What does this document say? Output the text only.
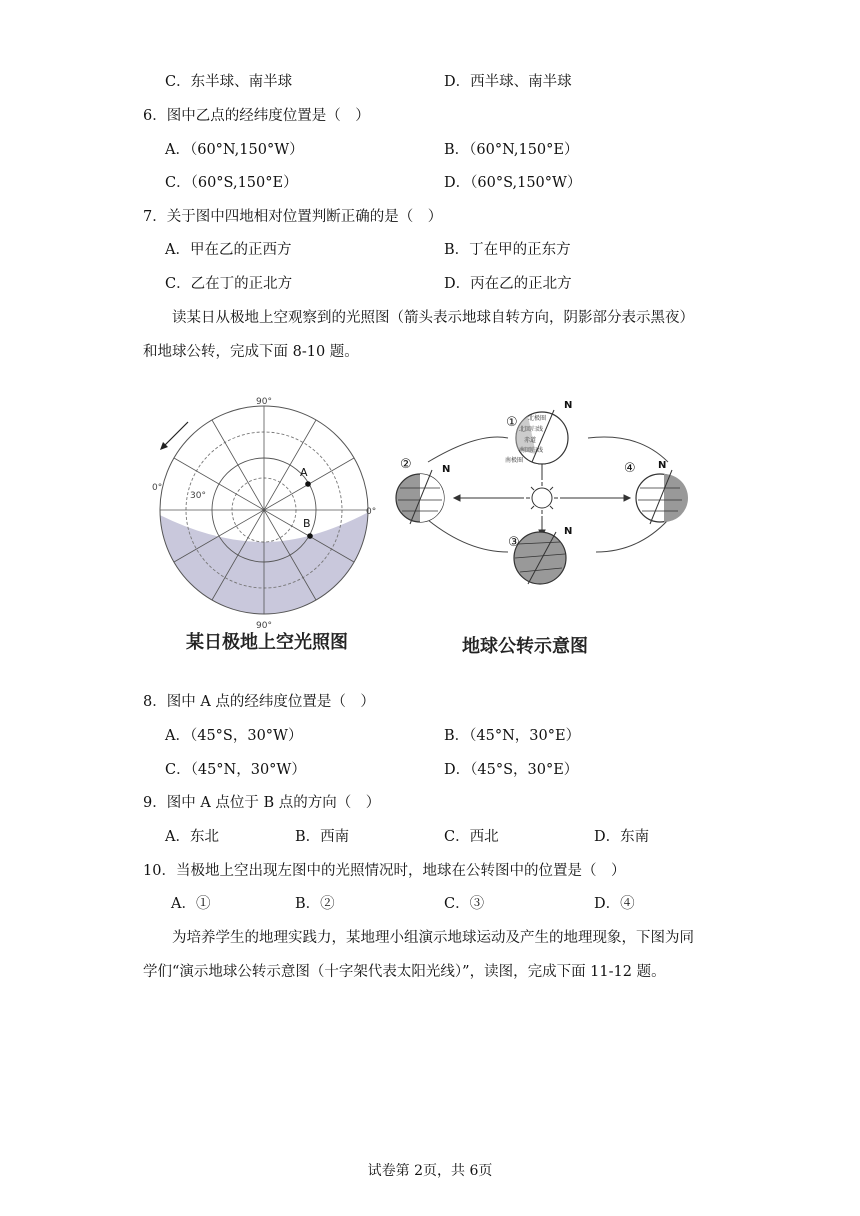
C．东半球、南半球	D．西半球、南半球
6．图中乙点的经纬度位置是（　）
A．（60°N,150°W）	B．（60°N,150°E）
C．（60°S,150°E）	D．（60°S,150°W）
7．关于图中四地相对位置判断正确的是（　）
A．甲在乙的正西方	B．丁在甲的正东方
C．乙在丁的正北方	D．丙在乙的正北方
读某日从极地上空观察到的光照图（箭头表示地球自转方向，阴影部分表示黑夜）
和地球公转，完成下面 8-10 题。
A
B
90°
90°
0°
0°
30°
某日极地上空光照图
北极圈
北回归线
赤道
南回归线
南极圈
①
N
②	N
③
N
④ N
地球公转示意图
8．图中 A 点的经纬度位置是（　）
A．（45°S，30°W）	B．（45°N，30°E）
C．（45°N，30°W）	D．（45°S，30°E）
9．图中 A 点位于 B 点的方向（　）
A．东北	B．西南	C．西北	D．东南
10．当极地上空出现左图中的光照情况时，地球在公转图中的位置是（　）
A．①	B．②	C．③	D．④
为培养学生的地理实践力，某地理小组演示地球运动及产生的地理现象，下图为同
学们“演示地球公转示意图（十字架代表太阳光线）”，读图，完成下面 11-12 题。
试卷第 2页，共 6页
